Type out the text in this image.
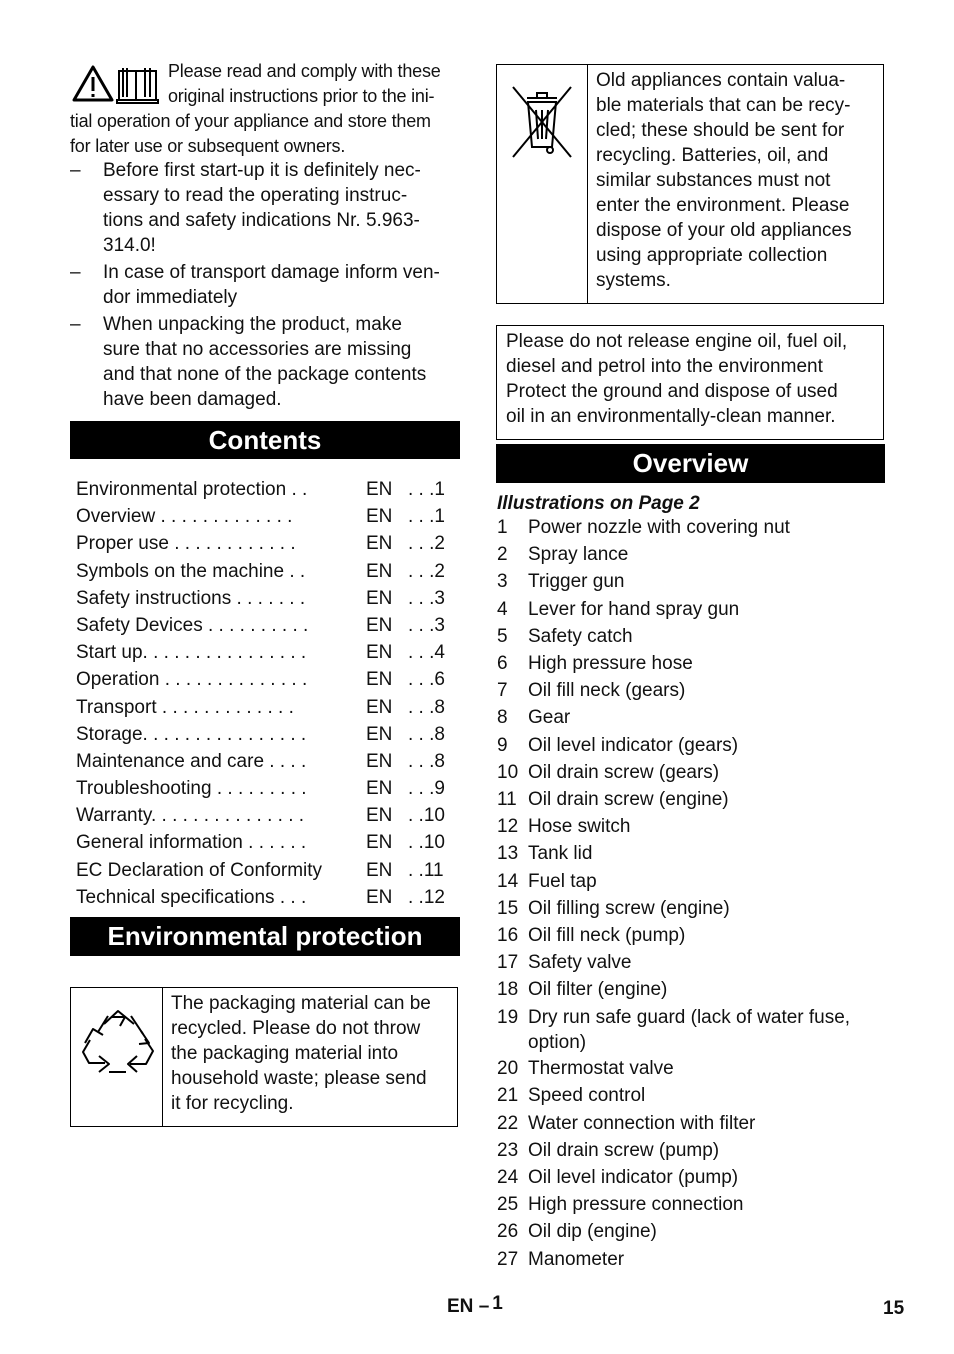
Please read and comply with these
original instructions prior to the ini-
tial operation of your appliance and store them
for later use or subsequent owners.
– Before first start-up it is definitely nec-
essary to read the operating instruc-
tions and safety indications Nr. 5.963-
314.0!
– In case of transport damage inform ven-
dor immediately
– When unpacking the product, make
sure that no accessories are missing
and that none of the package contents
have been damaged.
Contents
Environmental protection . .	EN . . .1
Overview . . . . . . . . . . . . .	EN . . .1
Proper use . . . . . . . . . . . .	EN . . .2
Symbols on the machine . .	EN . . .2
Safety instructions . . . . . . .	EN . . .3
Safety Devices . . . . . . . . . .	EN . . .3
Start up. . . . . . . . . . . . . . . .	EN . . .4
Operation . . . . . . . . . . . . . .	EN . . .6
Transport . . . . . . . . . . . . .	EN . . .8
Storage. . . . . . . . . . . . . . . .	EN . . .8
Maintenance and care . . . .	EN . . .8
Troubleshooting . . . . . . . . .	EN . . .9
Warranty. . . . . . . . . . . . . . .	EN . .10
General information . . . . . .	EN . .10
EC Declaration of Conformity EN . .11
Technical specifications . . .	EN . .12
Environmental protection
The packaging material can be
recycled. Please do not throw
the packaging material into
household waste; please send
it for recycling.
Old appliances contain valua-
ble materials that can be recy-
cled; these should be sent for
recycling. Batteries, oil, and
similar substances must not
enter the environment. Please
dispose of your old appliances
using appropriate collection
systems.
Please do not release engine oil, fuel oil,
diesel and petrol into the environment
Protect the ground and dispose of used
oil in an environmentally-clean manner.
Overview
Illustrations on Page 2
1 Power nozzle with covering nut
2 Spray lance
3 Trigger gun
4 Lever for hand spray gun
5 Safety catch
6 High pressure hose
7 Oil fill neck (gears)
8 Gear
9 Oil level indicator (gears)
10 Oil drain screw (gears)
11 Oil drain screw (engine)
12 Hose switch
13 Tank lid
14 Fuel tap
15 Oil filling screw (engine)
16 Oil fill neck (pump)
17 Safety valve
18 Oil filter (engine)
19 Dry run safe guard (lack of water fuse,
option)
20 Thermostat valve
21 Speed control
22 Water connection with filter
23 Oil drain screw (pump)
24 Oil level indicator (pump)
25 High pressure connection
26 Oil dip (engine)
27 Manometer
EN – 1	15
